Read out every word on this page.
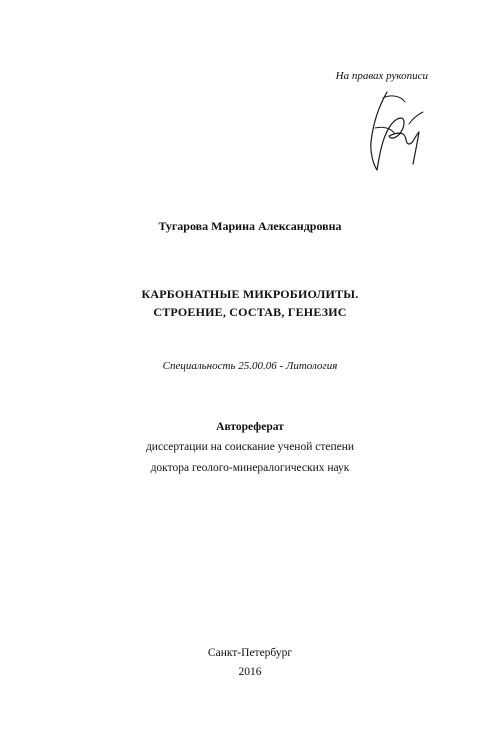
На правах рукописи
Тугарова Марина Александровна
КАРБОНАТНЫЕ МИКРОБИОЛИТЫ.
СТРОЕНИЕ, СОСТАВ, ГЕНЕЗИС
Специальность 25.00.06 - Литология
Автореферат
диссертации на соискание ученой степени
доктора геолого-минералогических наук
Санкт-Петербург
2016
